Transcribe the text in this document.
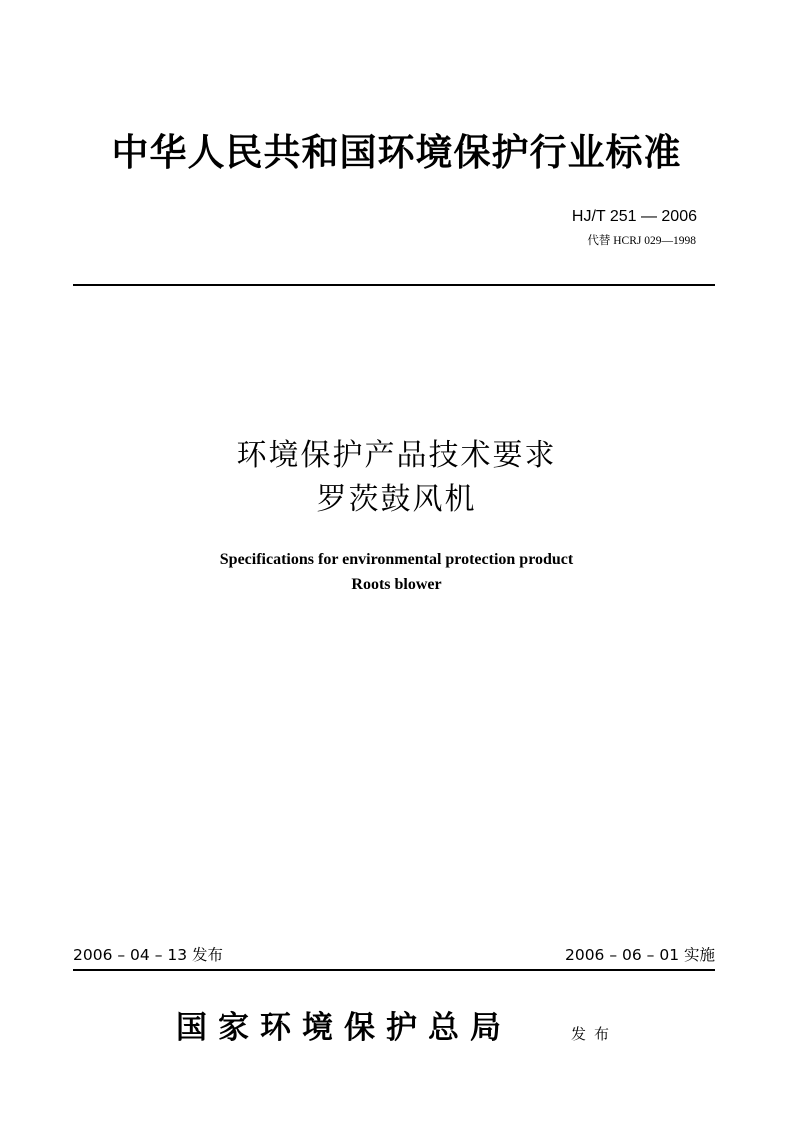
中华人民共和国环境保护行业标准
HJ/T 251 — 2006
代替 HCRJ 029—1998
环境保护产品技术要求
罗茨鼓风机
Specifications for environmental protection product
Roots blower
2006 – 04 – 13 发布	2006 – 06 – 01 实施
国家环境保护总局	发布
